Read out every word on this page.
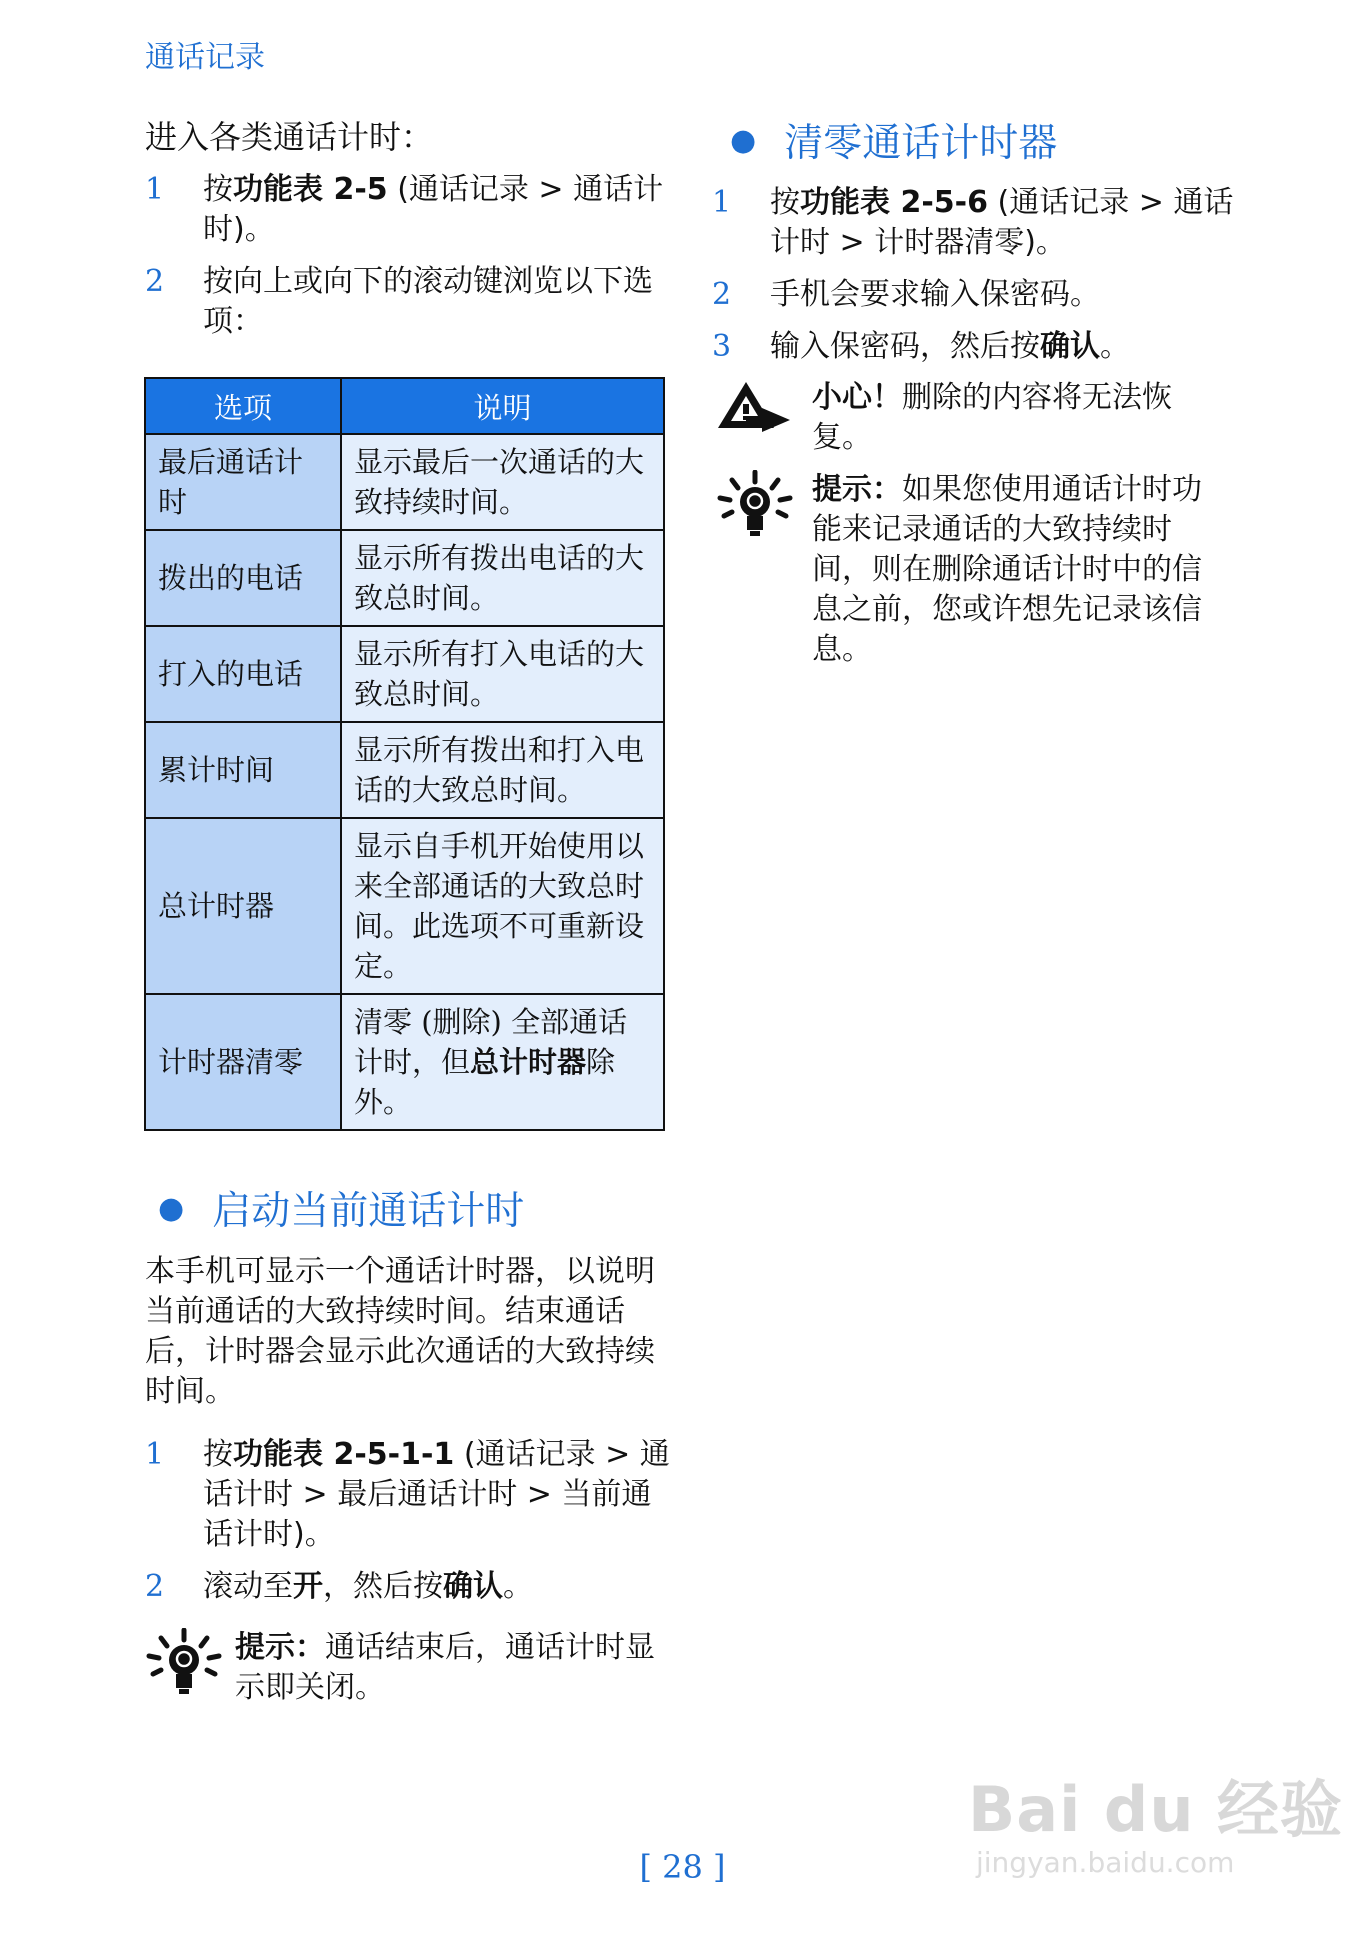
通话记录
进入各类通话计时：
1	按功能表 2-5 (通话记录 > 通话计时)。
2	按向上或向下的滚动键浏览以下选项：
选项	说明
最后通话计时	显示最后一次通话的大致持续时间。
拨出的电话	显示所有拨出电话的大致总时间。
打入的电话	显示所有打入电话的大致总时间。
累计时间	显示所有拨出和打入电话的大致总时间。
总计时器	显示自手机开始使用以来全部通话的大致总时间。此选项不可重新设定。
计时器清零	清零 (删除) 全部通话计时，但总计时器除外。
● 启动当前通话计时
本手机可显示一个通话计时器，以说明当前通话的大致持续时间。结束通话后，计时器会显示此次通话的大致持续时间。
1	按功能表 2-5-1-1 (通话记录 > 通话计时 > 最后通话计时 > 当前通话计时)。
2	滚动至开，然后按确认。
提示：通话结束后，通话计时显示即关闭。
● 清零通话计时器
1	按功能表 2-5-6 (通话记录 > 通话计时 > 计时器清零)。
2	手机会要求输入保密码。
3	输入保密码，然后按确认。
小心！删除的内容将无法恢复。
提示：如果您使用通话计时功能来记录通话的大致持续时间，则在删除通话计时中的信息之前，您或许想先记录该信息。
[ 28 ]
Bai du 经验
jingyan.baidu.com
